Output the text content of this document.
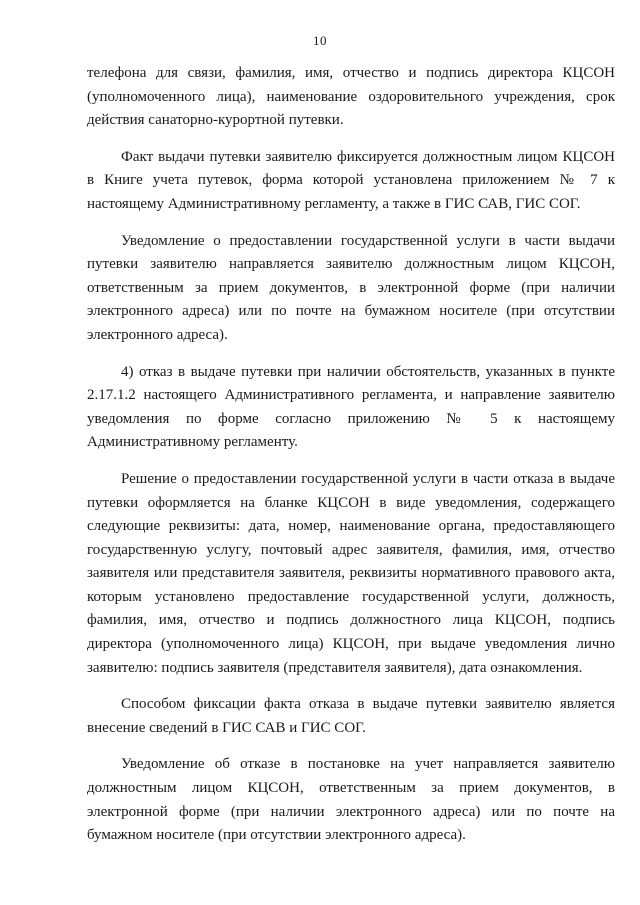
10

телефона для связи, фамилия, имя, отчество и подпись директора КЦСОН (уполномоченного лица), наименование оздоровительного учреждения, срок действия санаторно-курортной путевки.

Факт выдачи путевки заявителю фиксируется должностным лицом КЦСОН в Книге учета путевок, форма которой установлена приложением № 7 к настоящему Административному регламенту, а также в ГИС САВ, ГИС СОГ.

Уведомление о предоставлении государственной услуги в части выдачи путевки заявителю направляется заявителю должностным лицом КЦСОН, ответственным за прием документов, в электронной форме (при наличии электронного адреса) или по почте на бумажном носителе (при отсутствии электронного адреса).

4) отказ в выдаче путевки при наличии обстоятельств, указанных в пункте 2.17.1.2 настоящего Административного регламента, и направление заявителю уведомления по форме согласно приложению № 5 к настоящему Административному регламенту.

Решение о предоставлении государственной услуги в части отказа в выдаче путевки оформляется на бланке КЦСОН в виде уведомления, содержащего следующие реквизиты: дата, номер, наименование органа, предоставляющего государственную услугу, почтовый адрес заявителя, фамилия, имя, отчество заявителя или представителя заявителя, реквизиты нормативного правового акта, которым установлено предоставление государственной услуги, должность, фамилия, имя, отчество и подпись должностного лица КЦСОН, подпись директора (уполномоченного лица) КЦСОН, при выдаче уведомления лично заявителю: подпись заявителя (представителя заявителя), дата ознакомления.

Способом фиксации факта отказа в выдаче путевки заявителю является внесение сведений в ГИС САВ и ГИС СОГ.

Уведомление об отказе в постановке на учет направляется заявителю должностным лицом КЦСОН, ответственным за прием документов, в электронной форме (при наличии электронного адреса) или по почте на бумажном носителе (при отсутствии электронного адреса).
